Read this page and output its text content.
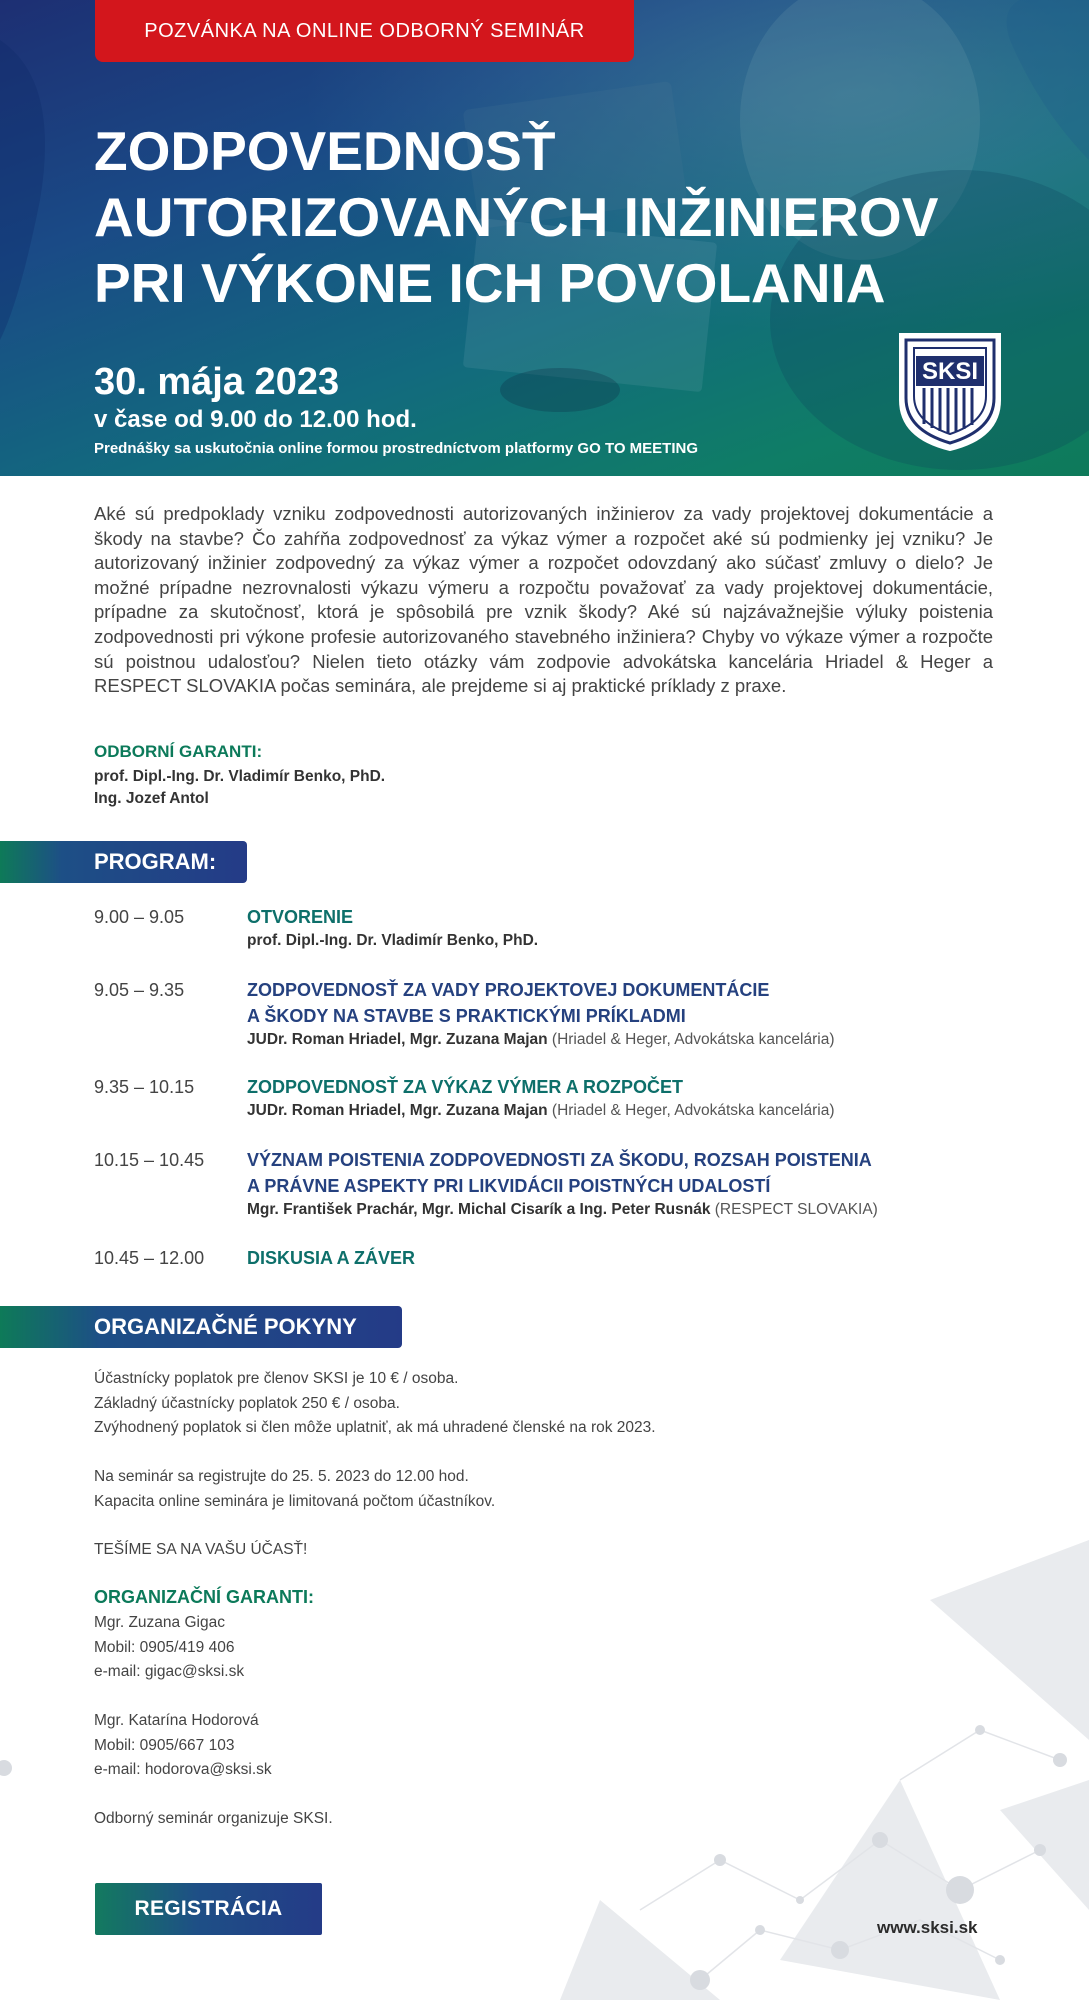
POZVÁNKA NA ONLINE ODBORNÝ SEMINÁR
ZODPOVEDNOSŤ
AUTORIZOVANÝCH INŽINIEROV
PRI VÝKONE ICH POVOLANIA
30. mája 2023
v čase od 9.00 do 12.00 hod.
Prednášky sa uskutočnia online formou prostredníctvom platformy GO TO MEETING
SKSI

Aké sú predpoklady vzniku zodpovednosti autorizovaných inžinierov za vady projektovej dokumentácie a škody na stavbe? Čo zahŕňa zodpovednosť za výkaz výmer a rozpočet aké sú podmienky jej vzniku? Je autorizovaný inžinier zodpovedný za výkaz výmer a rozpočet odovzdaný ako súčasť zmluvy o dielo? Je možné prípadne nezrovnalosti výkazu výmeru a rozpočtu považovať za vady projektovej dokumentácie, prípadne za skutočnosť, ktorá je spôsobilá pre vznik škody? Aké sú najzávažnejšie výluky poistenia zodpovednosti pri výkone profesie autorizovaného stavebného inžiniera? Chyby vo výkaze výmer a rozpočte sú poistnou udalosťou? Nielen tieto otázky vám zodpovie advokátska kancelária Hriadel & Heger a RESPECT SLOVAKIA počas seminára, ale prejdeme si aj praktické príklady z praxe.

ODBORNÍ GARANTI:
prof. Dipl.-Ing. Dr. Vladimír Benko, PhD.
Ing. Jozef Antol
PROGRAM:
9.00 – 9.05	OTVORENIE
prof. Dipl.-Ing. Dr. Vladimír Benko, PhD.
9.05 – 9.35	ZODPOVEDNOSŤ ZA VADY PROJEKTOVEJ DOKUMENTÁCIE
A ŠKODY NA STAVBE S PRAKTICKÝMI PRÍKLADMI
JUDr. Roman Hriadel, Mgr. Zuzana Majan (Hriadel & Heger, Advokátska kancelária)
9.35 – 10.15	ZODPOVEDNOSŤ ZA VÝKAZ VÝMER A ROZPOČET
JUDr. Roman Hriadel, Mgr. Zuzana Majan (Hriadel & Heger, Advokátska kancelária)
10.15 – 10.45 VÝZNAM POISTENIA ZODPOVEDNOSTI ZA ŠKODU, ROZSAH POISTENIA
A PRÁVNE ASPEKTY PRI LIKVIDÁCII POISTNÝCH UDALOSTÍ
Mgr. František Prachár, Mgr. Michal Cisarík a Ing. Peter Rusnák (RESPECT SLOVAKIA)
10.45 – 12.00 DISKUSIA A ZÁVER
ORGANIZAČNÉ POKYNY
Účastnícky poplatok pre členov SKSI je 10 € / osoba.
Základný účastnícky poplatok 250 € / osoba.
Zvýhodnený poplatok si člen môže uplatniť, ak má uhradené členské na rok 2023.
Na seminár sa registrujte do 25. 5. 2023 do 12.00 hod.
Kapacita online seminára je limitovaná počtom účastníkov.
TEŠÍME SA NA VAŠU ÚČASŤ!
ORGANIZAČNÍ GARANTI:
Mgr. Zuzana Gigac
Mobil: 0905/419 406
e-mail: gigac@sksi.sk
Mgr. Katarína Hodorová
Mobil: 0905/667 103
e-mail: hodorova@sksi.sk
Odborný seminár organizuje SKSI.
REGISTRÁCIA
www.sksi.sk
